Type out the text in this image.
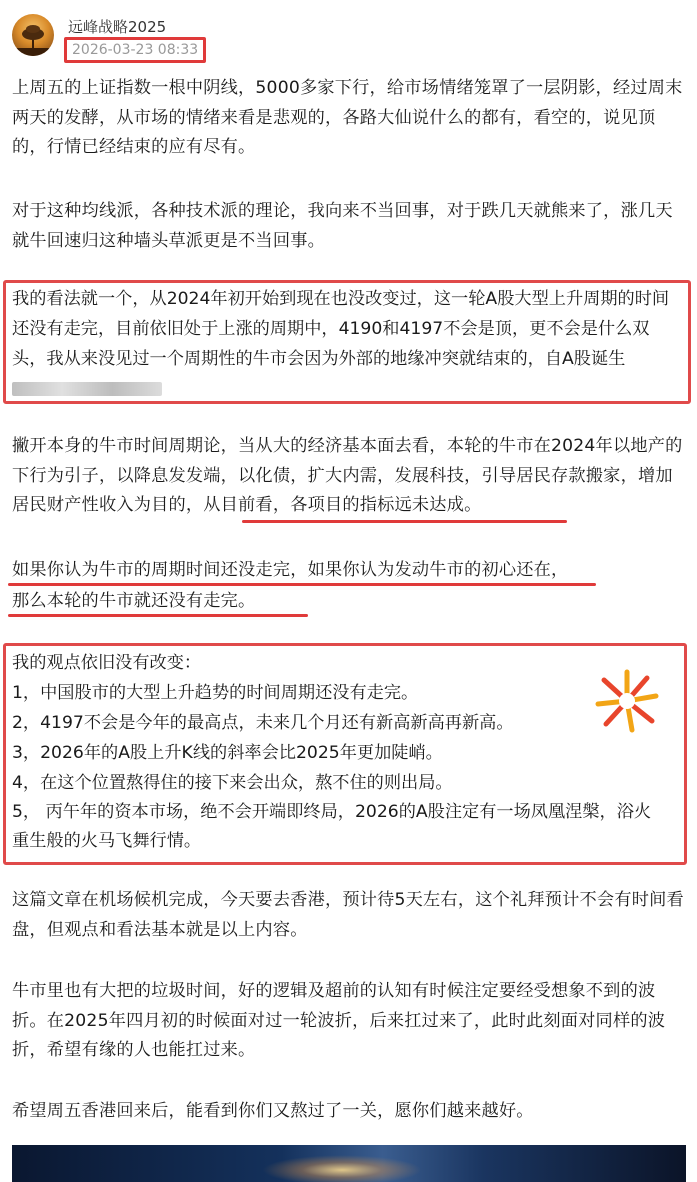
远峰战略2025
2026-03-23 08:33

上周五的上证指数一根中阴线，5000多家下行，给市场情绪笼罩了一层阴影，经过周末两天的发酵，从市场的情绪来看是悲观的，各路大仙说什么的都有，看空的，说见顶的，行情已经结束的应有尽有。

对于这种均线派，各种技术派的理论，我向来不当回事，对于跌几天就熊来了，涨几天就牛回速归这种墙头草派更是不当回事。

我的看法就一个，从2024年初开始到现在也没改变过，这一轮A股大型上升周期的时间还没有走完，目前依旧处于上涨的周期中，4190和4197不会是顶，更不会是什么双头，我从来没见过一个周期性的牛市会因为外部的地缘冲突就结束的，自A股诞生

撇开本身的牛市时间周期论，当从大的经济基本面去看，本轮的牛市在2024年以地产的下行为引子，以降息发发端，以化债，扩大内需，发展科技，引导居民存款搬家，增加居民财产性收入为目的，从目前看，各项目的指标远未达成。

如果你认为牛市的周期时间还没走完，如果你认为发动牛市的初心还在，

那么本轮的牛市就还没有走完。

我的观点依旧没有改变：

1，中国股市的大型上升趋势的时间周期还没有走完。

2，4197不会是今年的最高点，未来几个月还有新高新高再新高。

3，2026年的A股上升K线的斜率会比2025年更加陡峭。

4，在这个位置熬得住的接下来会出众，熬不住的则出局。

5， 丙午年的资本市场，绝不会开端即终局，2026的A股注定有一场凤凰涅槃，浴火

重生般的火马飞舞行情。

这篇文章在机场候机完成，今天要去香港，预计待5天左右，这个礼拜预计不会有时间看盘，但观点和看法基本就是以上内容。

牛市里也有大把的垃圾时间，好的逻辑及超前的认知有时候注定要经受想象不到的波折。在2025年四月初的时候面对过一轮波折，后来扛过来了，此时此刻面对同样的波折，希望有缘的人也能扛过来。

希望周五香港回来后，能看到你们又熬过了一关，愿你们越来越好。
